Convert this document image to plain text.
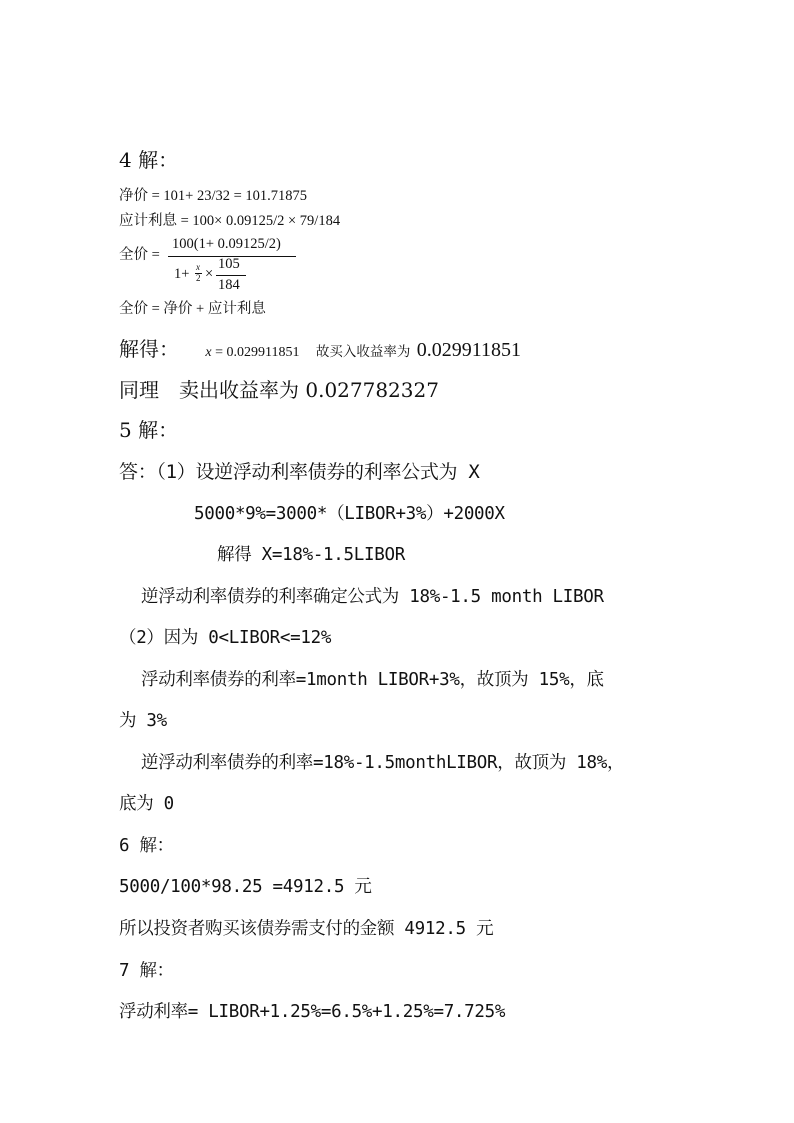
4 解：
净价 = 101+ 23/32 = 101.71875
应计利息 = 100× 0.09125/2 × 79/184
全价 =
100(1+ 0.09125/2)
1+ x
2 ×
105
184
全价 = 净价 + 应计利息
解得： x = 0.029911851 故买入收益率为 0.029911851
同理　卖出收益率为 0.027782327
5 解：
答：（1）设逆浮动利率债券的利率公式为 X
5000*9%=3000*（LIBOR+3%）+2000X
解得 X=18%-1.5LIBOR
逆浮动利率债券的利率确定公式为 18%-1.5 month LIBOR
（2）因为 0<LIBOR<=12%
浮动利率债券的利率=1month LIBOR+3%，故顶为 15%，底
为 3%
逆浮动利率债券的利率=18%-1.5monthLIBOR，故顶为 18%，
底为 0
6 解：
5000/100*98.25 =4912.5 元
所以投资者购买该债券需支付的金额 4912.5 元
7 解：
浮动利率= LIBOR+1.25%=6.5%+1.25%=7.725%
